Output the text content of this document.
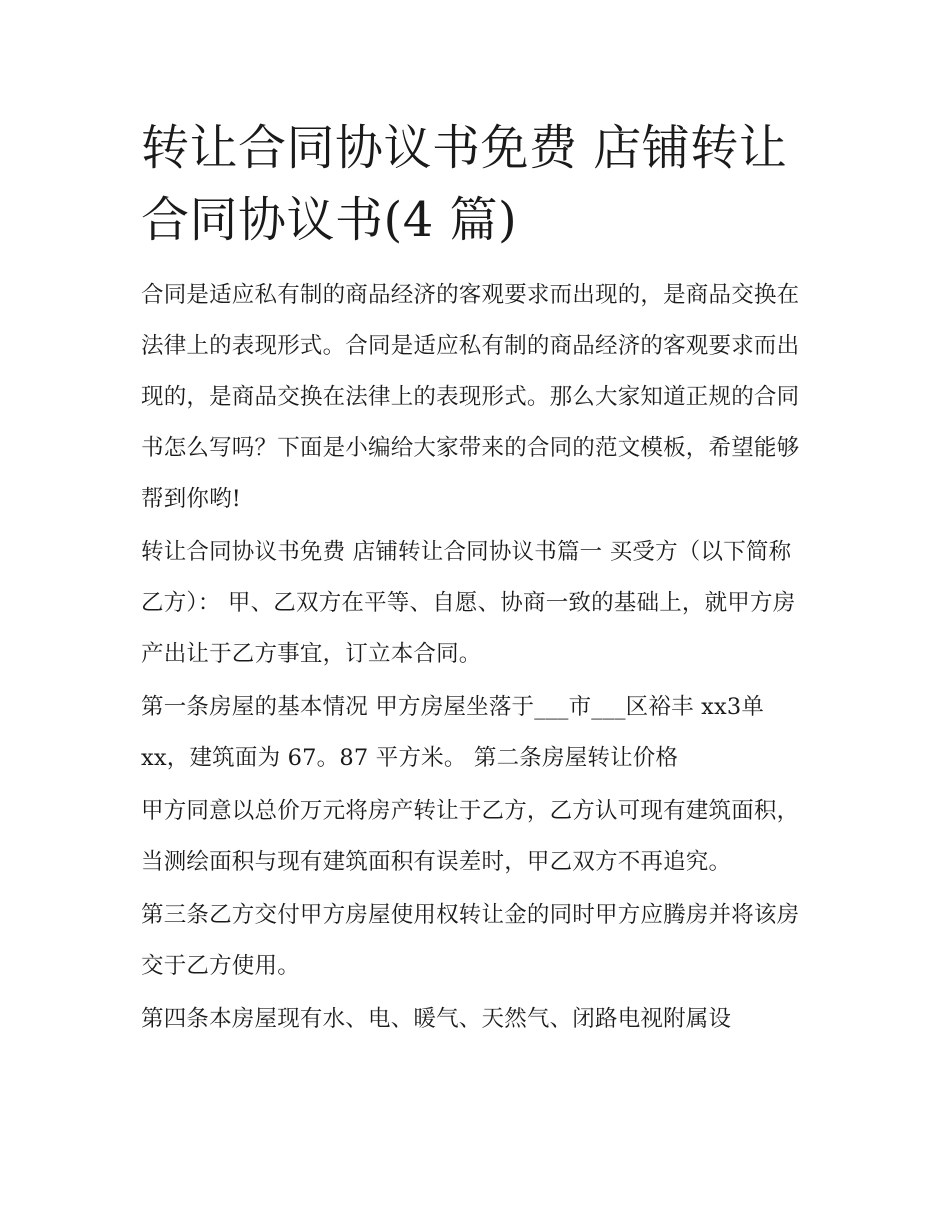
转让合同协议书免费 店铺转让合同协议书(4 篇)

合同是适应私有制的商品经济的客观要求而出现的，是商品交换在法律上的表现形式。合同是适应私有制的商品经济的客观要求而出现的，是商品交换在法律上的表现形式。那么大家知道正规的合同书怎么写吗？下面是小编给大家带来的合同的范文模板，希望能够帮到你哟!

转让合同协议书免费 店铺转让合同协议书篇一 买受方（以下简称乙方）： 甲、乙双方在平等、自愿、协商一致的基础上，就甲方房产出让于乙方事宜，订立本合同。

第一条房屋的基本情况 甲方房屋坐落于___市___区裕丰 xx3单 xx，建筑面为 67。87 平方米。 第二条房屋转让价格

甲方同意以总价万元将房产转让于乙方，乙方认可现有建筑面积，当测绘面积与现有建筑面积有误差时，甲乙双方不再追究。

第三条乙方交付甲方房屋使用权转让金的同时甲方应腾房并将该房交于乙方使用。

第四条本房屋现有水、电、暖气、天然气、闭路电视附属设
